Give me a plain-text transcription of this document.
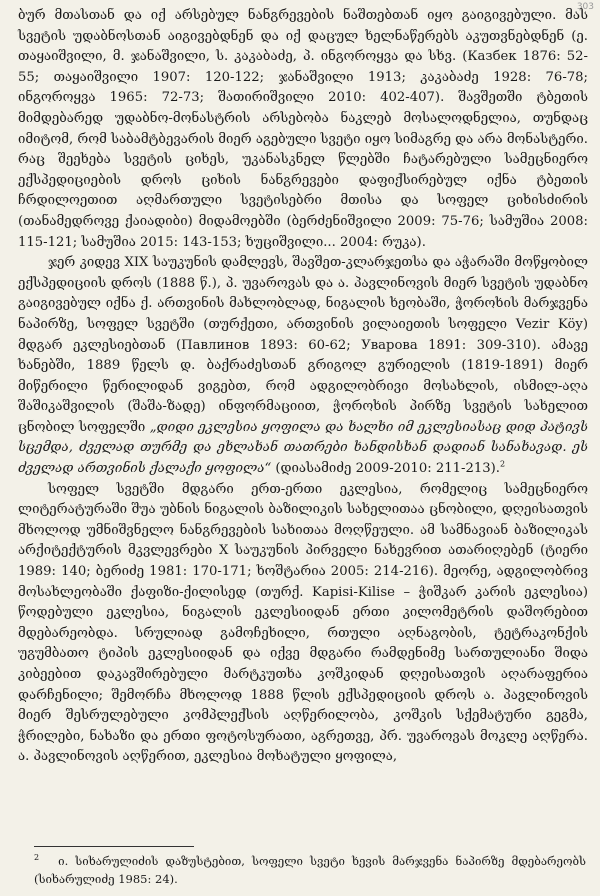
303

ბურ მთასთან და იქ არსებულ ნანგრევების ნაშთებთან იყო გაიგივებული. მას სვეტის უდაბნოსთან აიგივებდნენ და იქ დაცულ ხელნაწერებს აკუთვნებდნენ (ე. თაყაიშვილი, მ. ჯანაშვილი, ს. კაკაბაძე, პ. ინგოროყვა და სხვ. (Казбек 1876: 52-55; თაყაიშვილი 1907: 120-122; ჯანაშვილი 1913; კაკაბაძე 1928: 76-78; ინგოროყვა 1965: 72-73; შათირიშვილი 2010: 402-407). შავშეთში ტბეთის მიმდებარედ უდაბნო-მონასტრის არსებობა ნაკლებ მოსალოდნელია, თუნდაც იმიტომ, რომ საბამტბევარის მიერ აგებული სვეტი იყო სიმაგრე და არა მონასტერი. რაც შეეხება სვეტის ციხეს, უკანასკნელ წლებში ჩატარებული სამეცნიერო ექსპედიციების დროს ციხის ნანგრევები დაფიქსირებულ იქნა ტბეთის ჩრდილოეთით აღმართული სვეტისებრი მთისა და სოფელ ციხისძირის (თანამედროვე ქაიადიბი) მიდამოებში (ბერძენიშვილი 2009: 75-76; სამუშია 2008: 115-121; სამუშია 2015: 143-153; ხუციშვილი... 2004: რუკა).

ჯერ კიდევ XIX საუკუნის დამლევს, შავშეთ-კლარჯეთსა და აჭარაში მოწყობილ ექსპედიციის დროს (1888 წ.), პ. უვაროვას და ა. პავლინოვის მიერ სვეტის უდაბნო გაიგივებულ იქნა ქ. ართვინის მახლობლად, ნიგალის ხეობაში, ჭოროხის მარჯვენა ნაპირზე, სოფელ სვეტში (თურქეთი, ართვინის ვილაიეთის სოფელი Vezir Köy) მდგარ ეკლესიებთან (Павлинов 1893: 60-62; Уварова 1891: 309-310). ამავე ხანებში, 1889 წელს დ. ბაქრაძესთან გრიგოლ გურიელის (1819-1891) მიერ მიწერილი წერილიდან ვიგებთ, რომ ადგილობრივი მოსახლის, ისმილ-აღა შაშიკაშვილის (შაშა-ზადე) ინფორმაციით, ჭოროხის პირზე სვეტის სახელით ცნობილ სოფელში „დიდი ეკლესია ყოფილა და ხალხი იმ ეკლესიასაც დიდ პატივს სცემდა, ძველად თურმე და ეხლახან თათრები ხანდისხან დადიან სანახავად. ეს ძველად ართვინის ქალაქი ყოფილა“ (დიასამიძე 2009-2010: 211-213).$^2$

სოფელ სვეტში მდგარი ერთ-ერთი ეკლესია, რომელიც სამეცნიერო ლიტერატურაში შუა უბნის ნიგალის ბაზილიკის სახელითაა ცნობილი, დღეისათვის მხოლოდ უმნიშვნელო ნანგრევების სახითაა მოღწეული. ამ სამნავიან ბაზილიკას არქიტექტურის მკვლევრები X საუკუნის პირველი ნახევრით ათარიღებენ (ტიერი 1989: 140; ბერიძე 1981: 170-171; ხოშტარია 2005: 214-216). მეორე, ადგილობრივ მოსახლეობაში ქაფიზი-ქილისედ (თურქ. Kapisi-Kilise – ჭიშკარ კარის ეკლესია) წოდებული ეკლესია, ნიგალის ეკლესიიდან ერთი კილომეტრის დაშორებით მდებარეობდა. სრულიად გამოჩეხილი, რთული აღნაგობის, ტეტრაკონქის უგუმბათო ტიპის ეკლესიიდან და იქვე მდგარი რამდენიმე სართულიანი შიდა კიბეებით დაკავშირებული მარტკუთხა კოშკიდან დღეისათვის აღარაფერია დარჩენილი; შემორჩა მხოლოდ 1888 წლის ექსპედიციის დროს ა. პავლინოვის მიერ შესრულებული კომპლექსის აღწერილობა, კოშკის სქემატური გეგმა, ჭრილები, ნახაზი და ერთი ფოტოსურათი, აგრეთვე, პრ. უვაროვას მოკლე აღწერა. ა. პავლინოვის აღწერით, ეკლესია მოხატული ყოფილა,

$^2$ ი. სიხარულიძის დაზუსტებით, სოფელი სვეტი ხევის მარჯვენა ნაპირზე მდებარეობს (სიხარულიძე 1985: 24).
